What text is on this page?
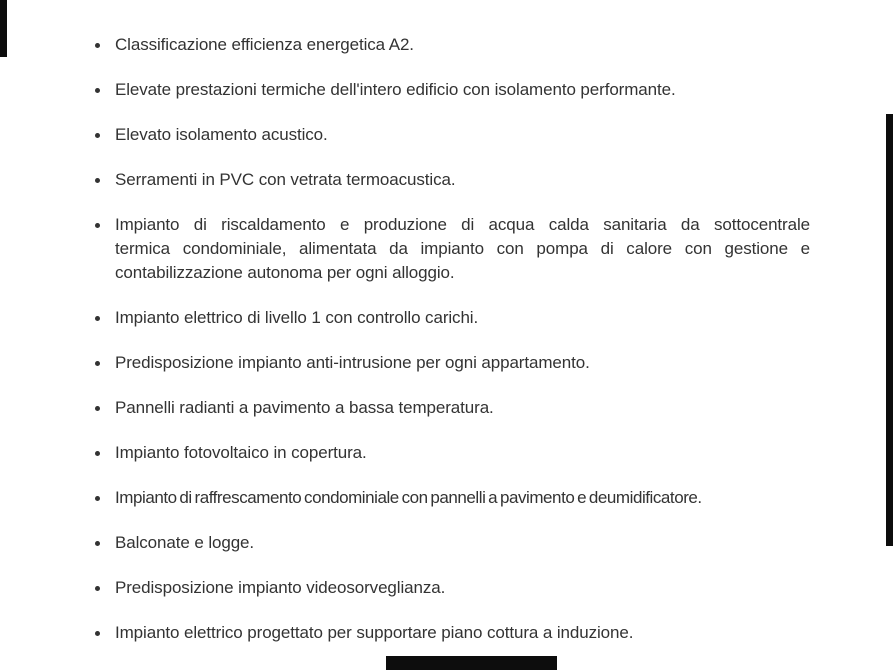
Classificazione efficienza energetica A2.
Elevate prestazioni termiche dell'intero edificio con isolamento performante.
Elevato isolamento acustico.
Serramenti in PVC con vetrata termoacustica.
Impianto di riscaldamento e produzione di acqua calda sanitaria da sottocentrale
termica condominiale, alimentata da impianto con pompa di calore con gestione e
contabilizzazione autonoma per ogni alloggio.
Impianto elettrico di livello 1 con controllo carichi.
Predisposizione impianto anti-intrusione per ogni appartamento.
Pannelli radianti a pavimento a bassa temperatura.
Impianto fotovoltaico in copertura.
Impianto di raffrescamento condominiale con pannelli a pavimento e deumidificatore.
Balconate e logge.
Predisposizione impianto videosorveglianza.
Impianto elettrico progettato per supportare piano cottura a induzione.
